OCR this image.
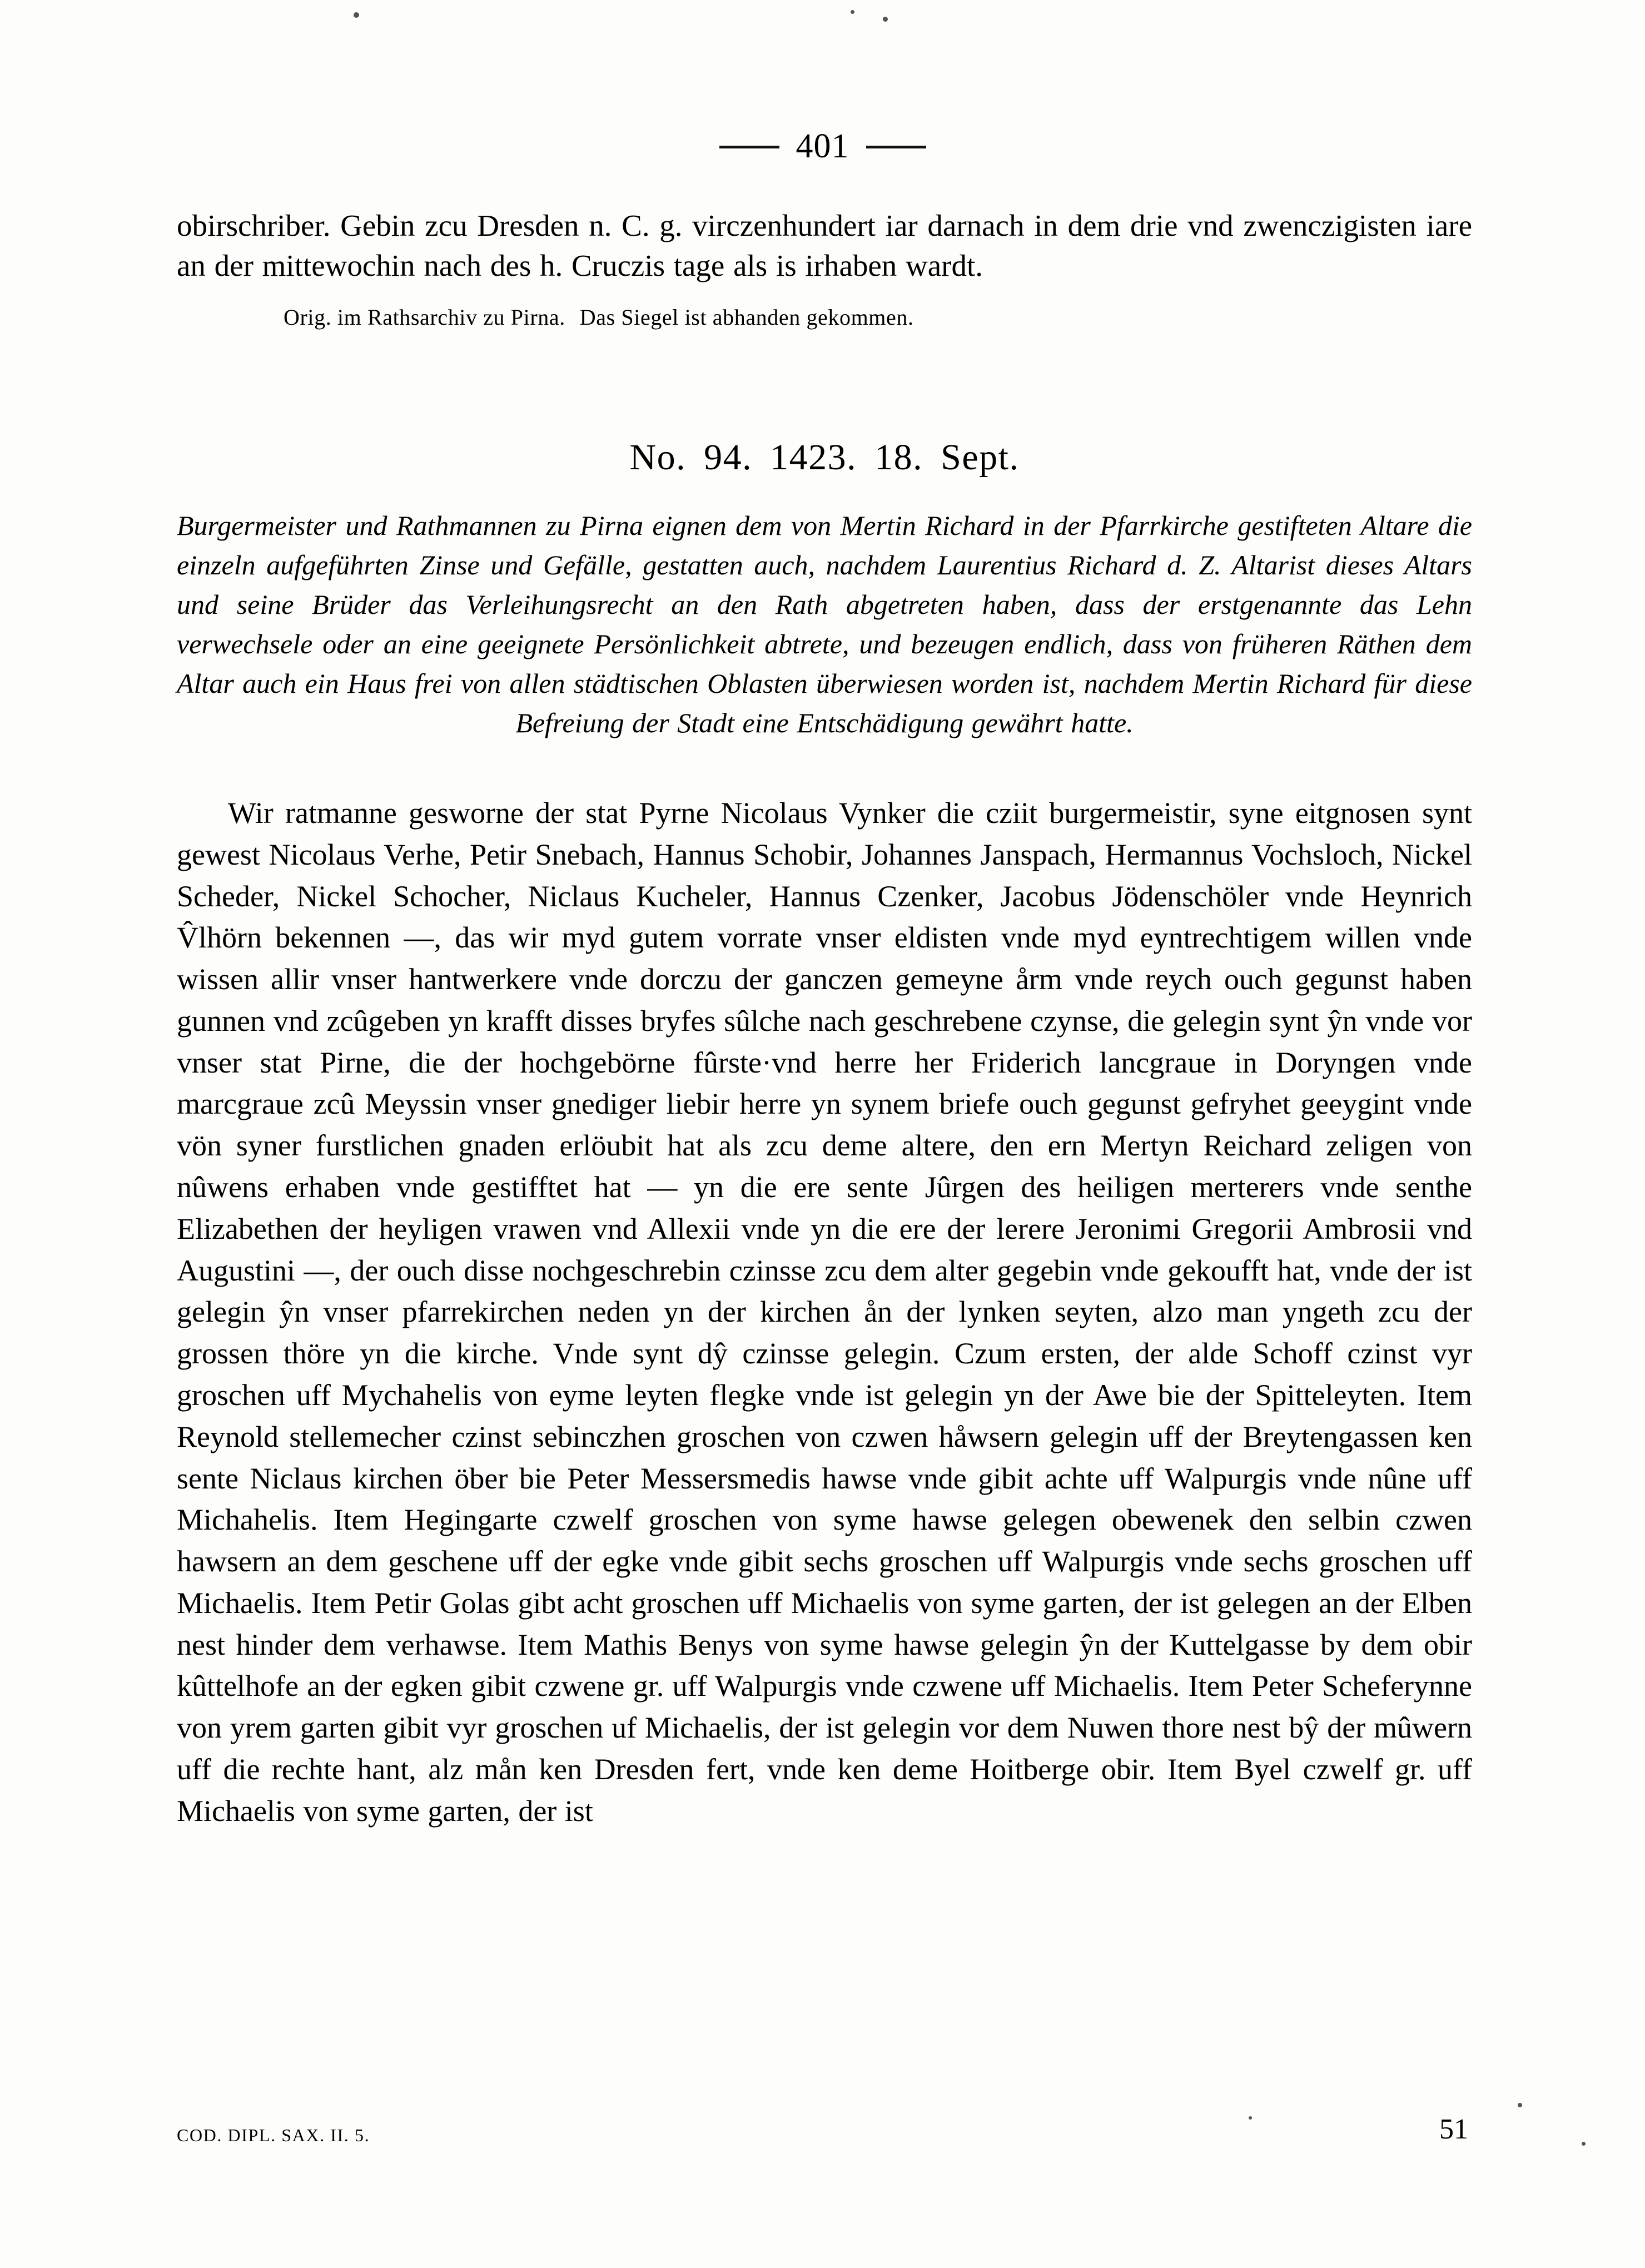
401
obirschriber. Gebin zcu Dresden n. C. g. virczenhundert iar darnach in dem drie vnd zwenczigisten iare an der mittewochin nach des h. Cruczis tage als is irhaben wardt.
Orig. im Rathsarchiv zu Pirna. Das Siegel ist abhanden gekommen.
No. 94. 1423. 18. Sept.
Burgermeister und Rathmannen zu Pirna eignen dem von Mertin Richard in der Pfarrkirche gestifteten Altare die einzeln aufgeführten Zinse und Gefälle, gestatten auch, nachdem Laurentius Richard d. Z. Altarist dieses Altars und seine Brüder das Verleihungsrecht an den Rath abgetreten haben, dass der erstgenannte das Lehn verwechsele oder an eine geeignete Persönlichkeit abtrete, und bezeugen endlich, dass von früheren Räthen dem Altar auch ein Haus frei von allen städtischen Oblasten überwiesen worden ist, nachdem Mertin Richard für diese Befreiung der Stadt eine Entschädigung gewährt hatte.
Wir ratmanne gesworne der stat Pyrne Nicolaus Vynker die cziit burgermeistir, syne eitgnosen synt gewest Nicolaus Verhe, Petir Snebach, Hannus Schobir, Johannes Janspach, Hermannus Vochsloch, Nickel Scheder, Nickel Schocher, Niclaus Kucheler, Hannus Czenker, Jacobus Jödenschöler vnde Heynrich V̂lhörn bekennen —, das wir myd gutem vorrate vnser eldisten vnde myd eyntrechtigem willen vnde wissen allir vnser hantwerkere vnde dorczu der ganczen gemeyne årm vnde reych ouch gegunst haben gunnen vnd zcûgeben yn krafft disses bryfes sûlche nach geschrebene czynse, die gelegin synt ŷn vnde vor vnser stat Pirne, die der hochgebörne fûrste·vnd herre her Friderich lancgraue in Doryngen vnde marcgraue zcû Meyssin vnser gnediger liebir herre yn synem briefe ouch gegunst gefryhet geeygint vnde vön syner furstlichen gnaden erlöubit hat als zcu deme altere, den ern Mertyn Reichard zeligen von nûwens erhaben vnde gestifftet hat — yn die ere sente Jûrgen des heiligen merterers vnde senthe Elizabethen der heyligen vrawen vnd Allexii vnde yn die ere der lerere Jeronimi Gregorii Ambrosii vnd Augustini —, der ouch disse nochgeschrebin czinsse zcu dem alter gegebin vnde gekoufft hat, vnde der ist gelegin ŷn vnser pfarrekirchen neden yn der kirchen ån der lynken seyten, alzo man yngeth zcu der grossen thöre yn die kirche. Vnde synt dŷ czinsse gelegin. Czum ersten, der alde Schoff czinst vyr groschen uff Mychahelis von eyme leyten flegke vnde ist gelegin yn der Awe bie der Spitteleyten. Item Reynold stellemecher czinst sebinczhen groschen von czwen håwsern gelegin uff der Breytengassen ken sente Niclaus kirchen öber bie Peter Messersmedis hawse vnde gibit achte uff Walpurgis vnde nûne uff Michahelis. Item Hegingarte czwelf groschen von syme hawse gelegen obewenek den selbin czwen hawsern an dem geschene uff der egke vnde gibit sechs groschen uff Walpurgis vnde sechs groschen uff Michaelis. Item Petir Golas gibt acht groschen uff Michaelis von syme garten, der ist gelegen an der Elben nest hinder dem verhawse. Item Mathis Benys von syme hawse gelegin ŷn der Kuttelgasse by dem obir kûttelhofe an der egken gibit czwene gr. uff Walpurgis vnde czwene uff Michaelis. Item Peter Scheferynne von yrem garten gibit vyr groschen uf Michaelis, der ist gelegin vor dem Nuwen thore nest bŷ der mûwern uff die rechte hant, alz mån ken Dresden fert, vnde ken deme Hoitberge obir. Item Byel czwelf gr. uff Michaelis von syme garten, der ist
COD. DIPL. SAX. II. 5.	51
